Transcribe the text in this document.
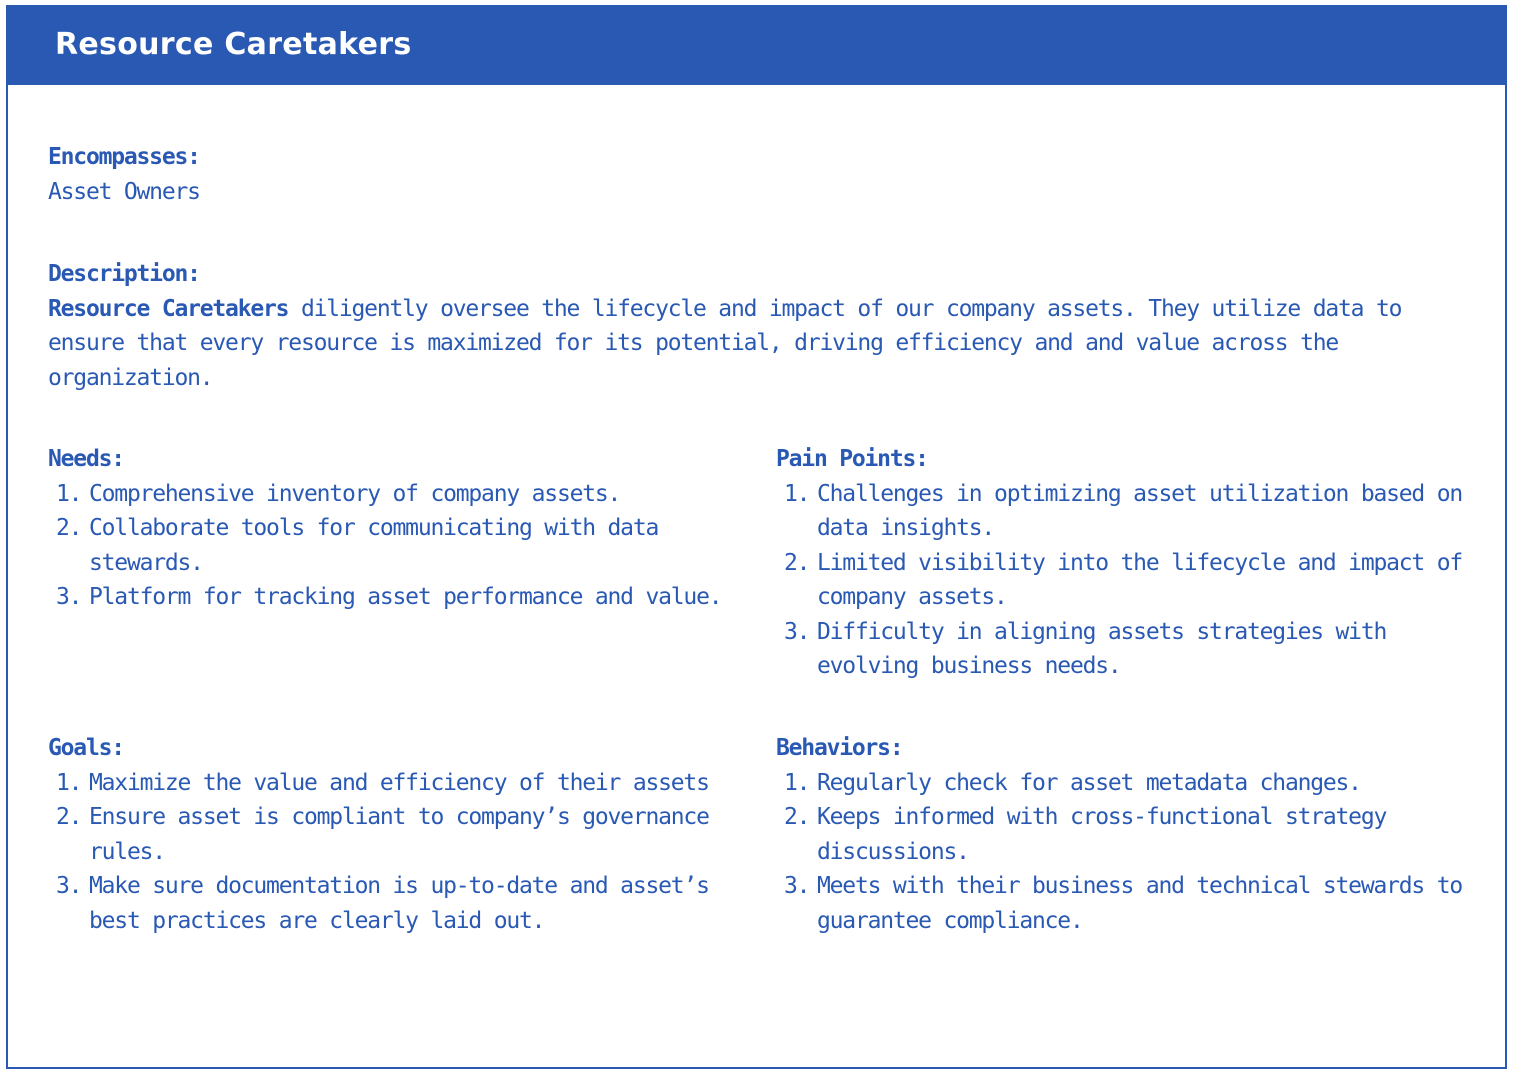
Resource Caretakers
Encompasses:
Asset Owners
Description:
Resource Caretakers diligently oversee the lifecycle and impact of our company assets. They utilize data to ensure that every resource is maximized for its potential, driving efficiency and and value across the organization.
Needs:
1. Comprehensive inventory of company assets.
2. Collaborate tools for communicating with data stewards.
3. Platform for tracking asset performance and value.
Pain Points:
1. Challenges in optimizing asset utilization based on data insights.
2. Limited visibility into the lifecycle and impact of company assets.
3. Difficulty in aligning assets strategies with evolving business needs.
Goals:
1. Maximize the value and efficiency of their assets
2. Ensure asset is compliant to company’s governance rules.
3. Make sure documentation is up-to-date and asset’s best practices are clearly laid out.
Behaviors:
1. Regularly check for asset metadata changes.
2. Keeps informed with cross-functional strategy discussions.
3. Meets with their business and technical stewards to guarantee compliance.
